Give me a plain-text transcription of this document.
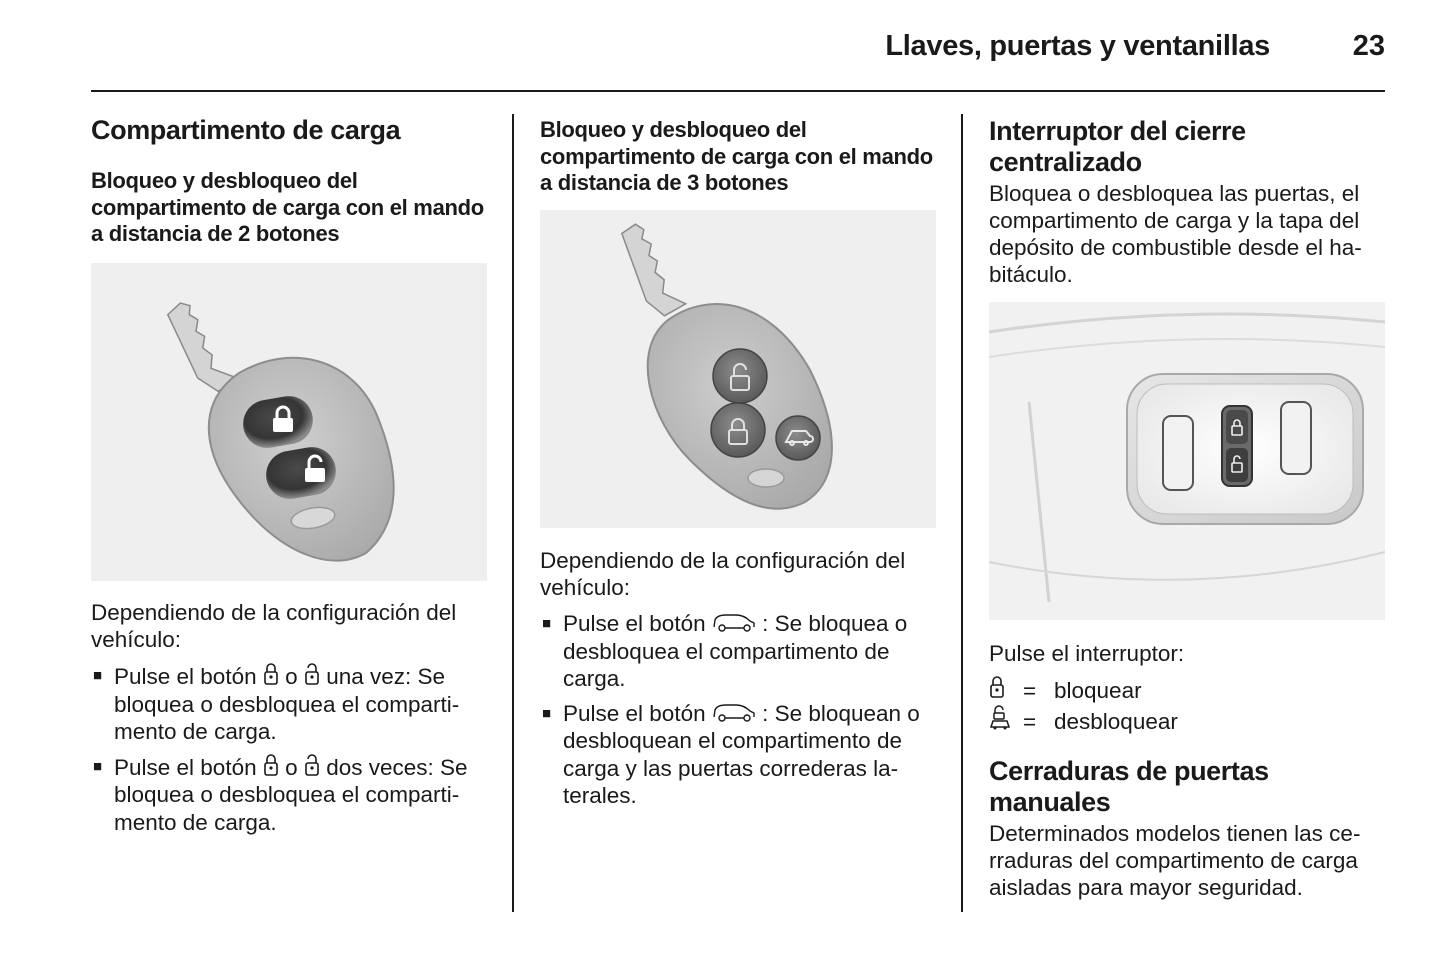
Llaves, puertas y ventanillas	23
Compartimento de carga
Bloqueo y desbloqueo del compartimento de carga con el mando a distancia de 2 botones
Dependiendo de la configuración del vehículo:
■ Pulse el botón o una vez: Se bloquea o desbloquea el compartimento de carga.
■ Pulse el botón o dos veces: Se bloquea o desbloquea el compartimento de carga.
Bloqueo y desbloqueo del compartimento de carga con el mando a distancia de 3 botones
Dependiendo de la configuración del vehículo:
■ Pulse el botón	: Se bloquea o desbloquea el compartimento de carga.
■ Pulse el botón	: Se bloquean o desbloquean el compartimento de carga y las puertas correderas laterales.
Interruptor del cierre centralizado
Bloquea o desbloquea las puertas, el compartimento de carga y la tapa del depósito de combustible desde el habitáculo.
Pulse el interruptor:
= bloquear
= desbloquear
Cerraduras de puertas manuales
Determinados modelos tienen las cerraduras del compartimento de carga aisladas para mayor seguridad.
